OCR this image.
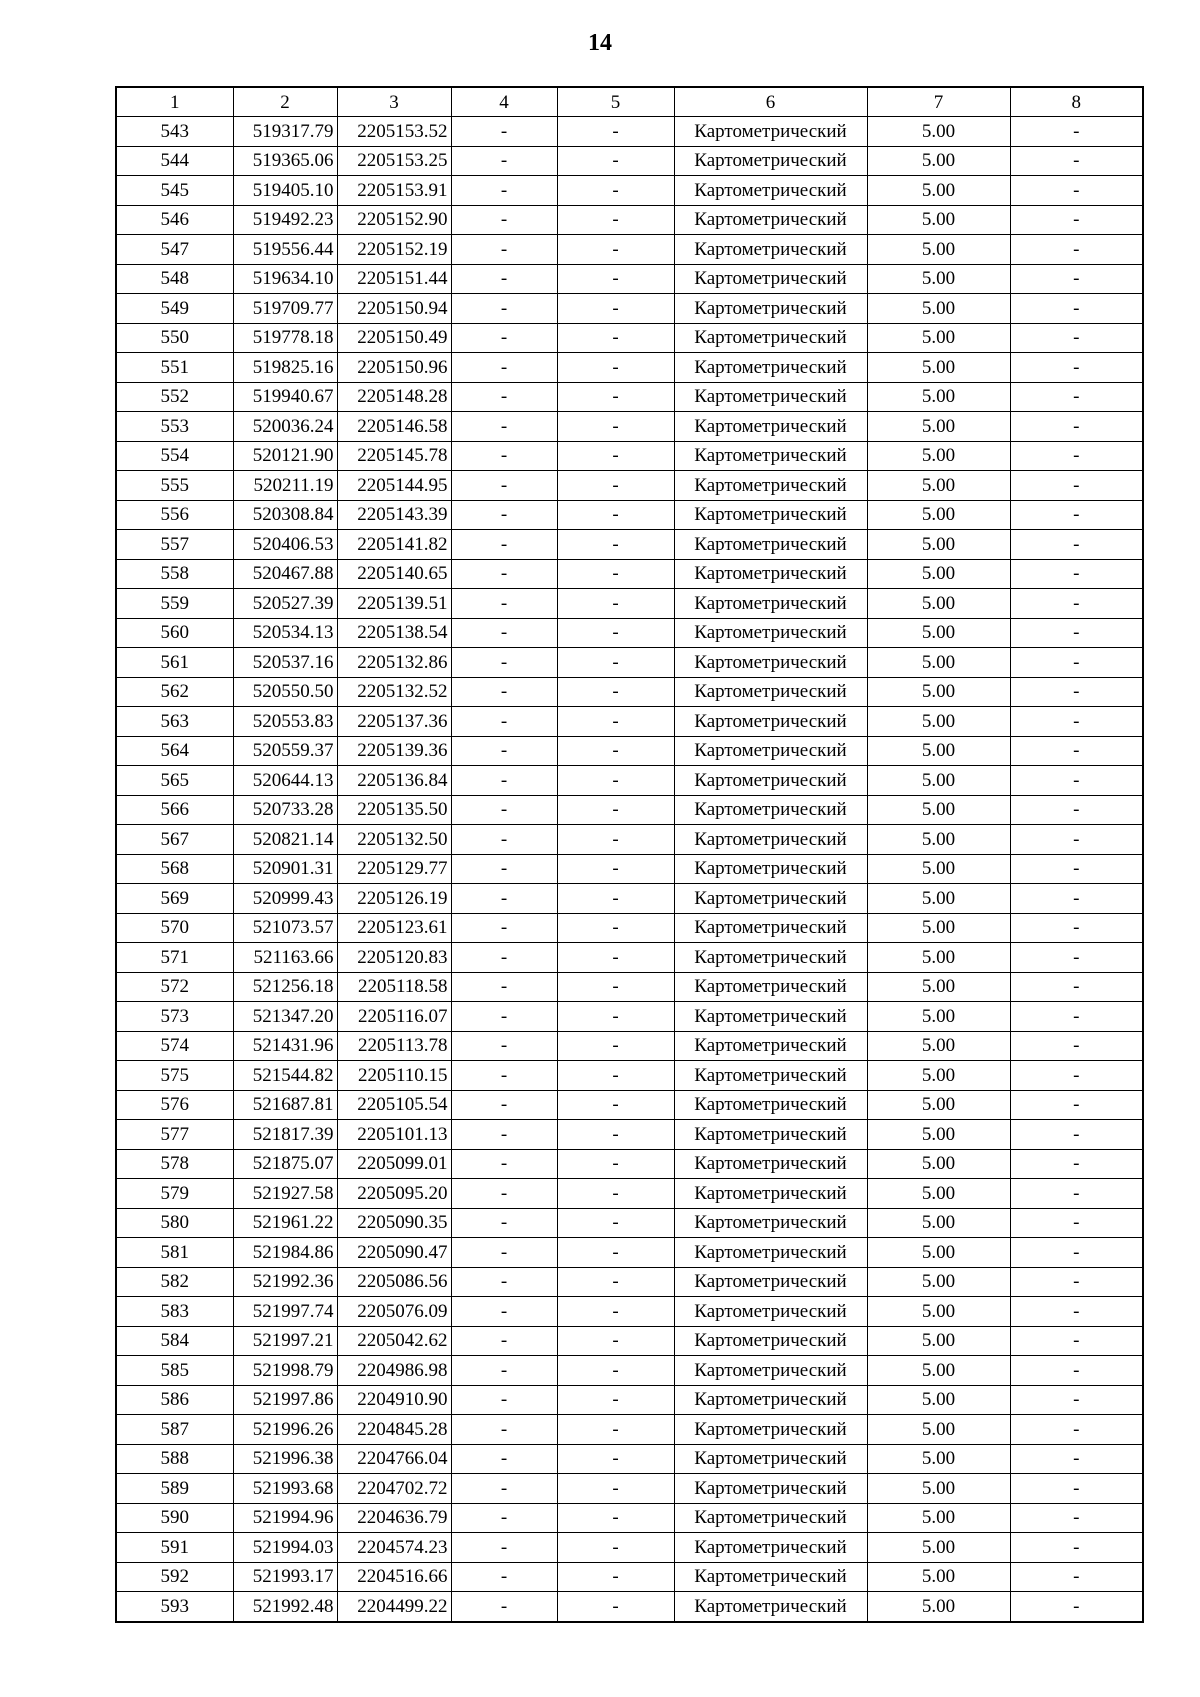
14
1	2	3	4	5	6	7	8
543	519317.79	2205153.52	-	-	Картометрический	5.00	-
544	519365.06	2205153.25	-	-	Картометрический	5.00	-
545	519405.10	2205153.91	-	-	Картометрический	5.00	-
546	519492.23	2205152.90	-	-	Картометрический	5.00	-
547	519556.44	2205152.19	-	-	Картометрический	5.00	-
548	519634.10	2205151.44	-	-	Картометрический	5.00	-
549	519709.77	2205150.94	-	-	Картометрический	5.00	-
550	519778.18	2205150.49	-	-	Картометрический	5.00	-
551	519825.16	2205150.96	-	-	Картометрический	5.00	-
552	519940.67	2205148.28	-	-	Картометрический	5.00	-
553	520036.24	2205146.58	-	-	Картометрический	5.00	-
554	520121.90	2205145.78	-	-	Картометрический	5.00	-
555	520211.19	2205144.95	-	-	Картометрический	5.00	-
556	520308.84	2205143.39	-	-	Картометрический	5.00	-
557	520406.53	2205141.82	-	-	Картометрический	5.00	-
558	520467.88	2205140.65	-	-	Картометрический	5.00	-
559	520527.39	2205139.51	-	-	Картометрический	5.00	-
560	520534.13	2205138.54	-	-	Картометрический	5.00	-
561	520537.16	2205132.86	-	-	Картометрический	5.00	-
562	520550.50	2205132.52	-	-	Картометрический	5.00	-
563	520553.83	2205137.36	-	-	Картометрический	5.00	-
564	520559.37	2205139.36	-	-	Картометрический	5.00	-
565	520644.13	2205136.84	-	-	Картометрический	5.00	-
566	520733.28	2205135.50	-	-	Картометрический	5.00	-
567	520821.14	2205132.50	-	-	Картометрический	5.00	-
568	520901.31	2205129.77	-	-	Картометрический	5.00	-
569	520999.43	2205126.19	-	-	Картометрический	5.00	-
570	521073.57	2205123.61	-	-	Картометрический	5.00	-
571	521163.66	2205120.83	-	-	Картометрический	5.00	-
572	521256.18	2205118.58	-	-	Картометрический	5.00	-
573	521347.20	2205116.07	-	-	Картометрический	5.00	-
574	521431.96	2205113.78	-	-	Картометрический	5.00	-
575	521544.82	2205110.15	-	-	Картометрический	5.00	-
576	521687.81	2205105.54	-	-	Картометрический	5.00	-
577	521817.39	2205101.13	-	-	Картометрический	5.00	-
578	521875.07	2205099.01	-	-	Картометрический	5.00	-
579	521927.58	2205095.20	-	-	Картометрический	5.00	-
580	521961.22	2205090.35	-	-	Картометрический	5.00	-
581	521984.86	2205090.47	-	-	Картометрический	5.00	-
582	521992.36	2205086.56	-	-	Картометрический	5.00	-
583	521997.74	2205076.09	-	-	Картометрический	5.00	-
584	521997.21	2205042.62	-	-	Картометрический	5.00	-
585	521998.79	2204986.98	-	-	Картометрический	5.00	-
586	521997.86	2204910.90	-	-	Картометрический	5.00	-
587	521996.26	2204845.28	-	-	Картометрический	5.00	-
588	521996.38	2204766.04	-	-	Картометрический	5.00	-
589	521993.68	2204702.72	-	-	Картометрический	5.00	-
590	521994.96	2204636.79	-	-	Картометрический	5.00	-
591	521994.03	2204574.23	-	-	Картометрический	5.00	-
592	521993.17	2204516.66	-	-	Картометрический	5.00	-
593	521992.48	2204499.22	-	-	Картометрический	5.00	-
